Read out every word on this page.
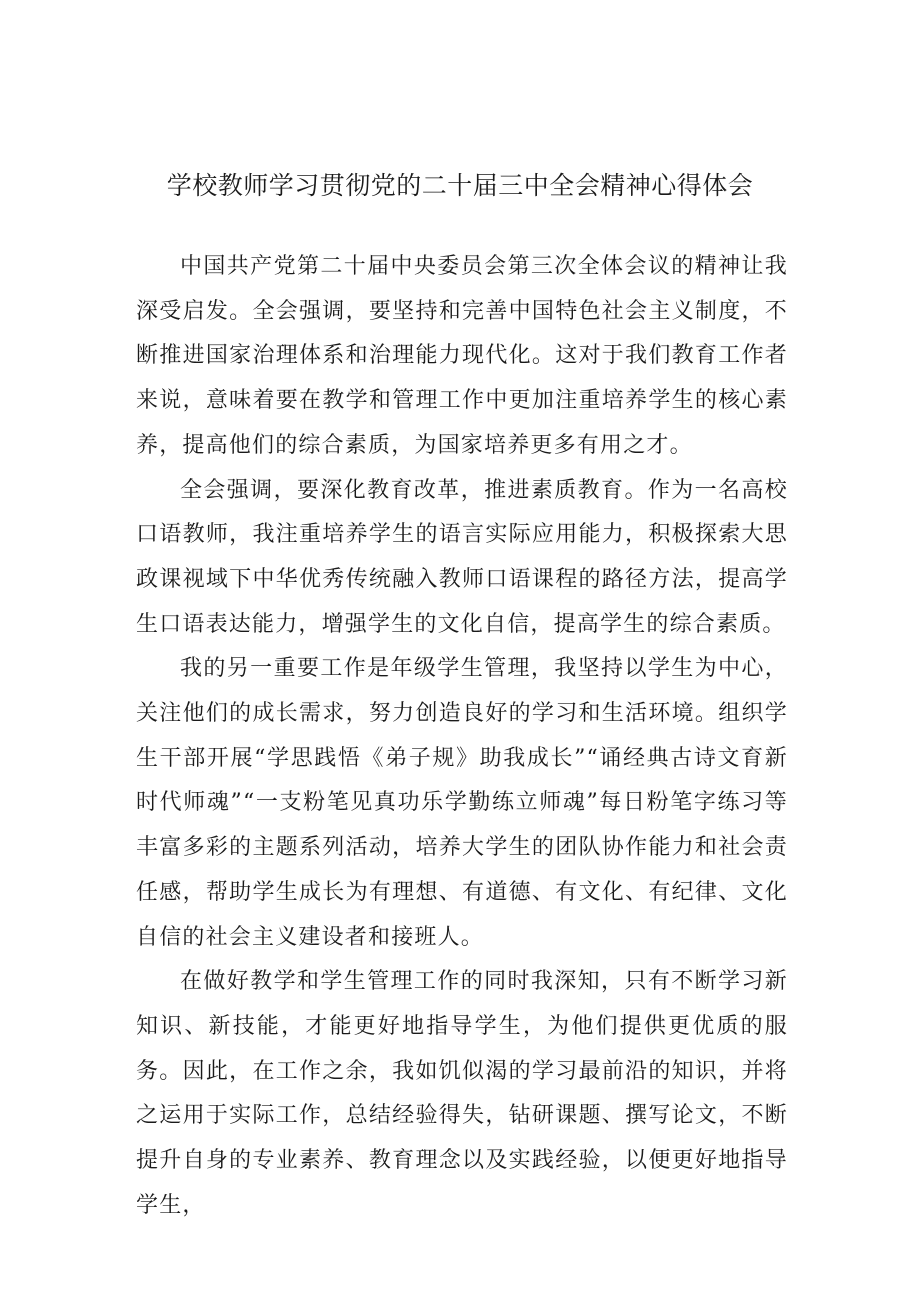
学校教师学习贯彻党的二十届三中全会精神心得体会

中国共产党第二十届中央委员会第三次全体会议的精神让我深受启发。全会强调，要坚持和完善中国特色社会主义制度，不断推进国家治理体系和治理能力现代化。这对于我们教育工作者来说，意味着要在教学和管理工作中更加注重培养学生的核心素养，提高他们的综合素质，为国家培养更多有用之才。

全会强调，要深化教育改革，推进素质教育。作为一名高校口语教师，我注重培养学生的语言实际应用能力，积极探索大思政课视域下中华优秀传统融入教师口语课程的路径方法，提高学生口语表达能力，增强学生的文化自信，提高学生的综合素质。

我的另一重要工作是年级学生管理，我坚持以学生为中心，关注他们的成长需求，努力创造良好的学习和生活环境。组织学生干部开展“学思践悟《弟子规》助我成长”“诵经典古诗文育新时代师魂”“一支粉笔见真功乐学勤练立师魂”每日粉笔字练习等丰富多彩的主题系列活动，培养大学生的团队协作能力和社会责任感，帮助学生成长为有理想、有道德、有文化、有纪律、文化自信的社会主义建设者和接班人。

在做好教学和学生管理工作的同时我深知，只有不断学习新知识、新技能，才能更好地指导学生，为他们提供更优质的服务。因此，在工作之余，我如饥似渴的学习最前沿的知识，并将之运用于实际工作，总结经验得失，钻研课题、撰写论文，不断提升自身的专业素养、教育理念以及实践经验，以便更好地指导学生，
